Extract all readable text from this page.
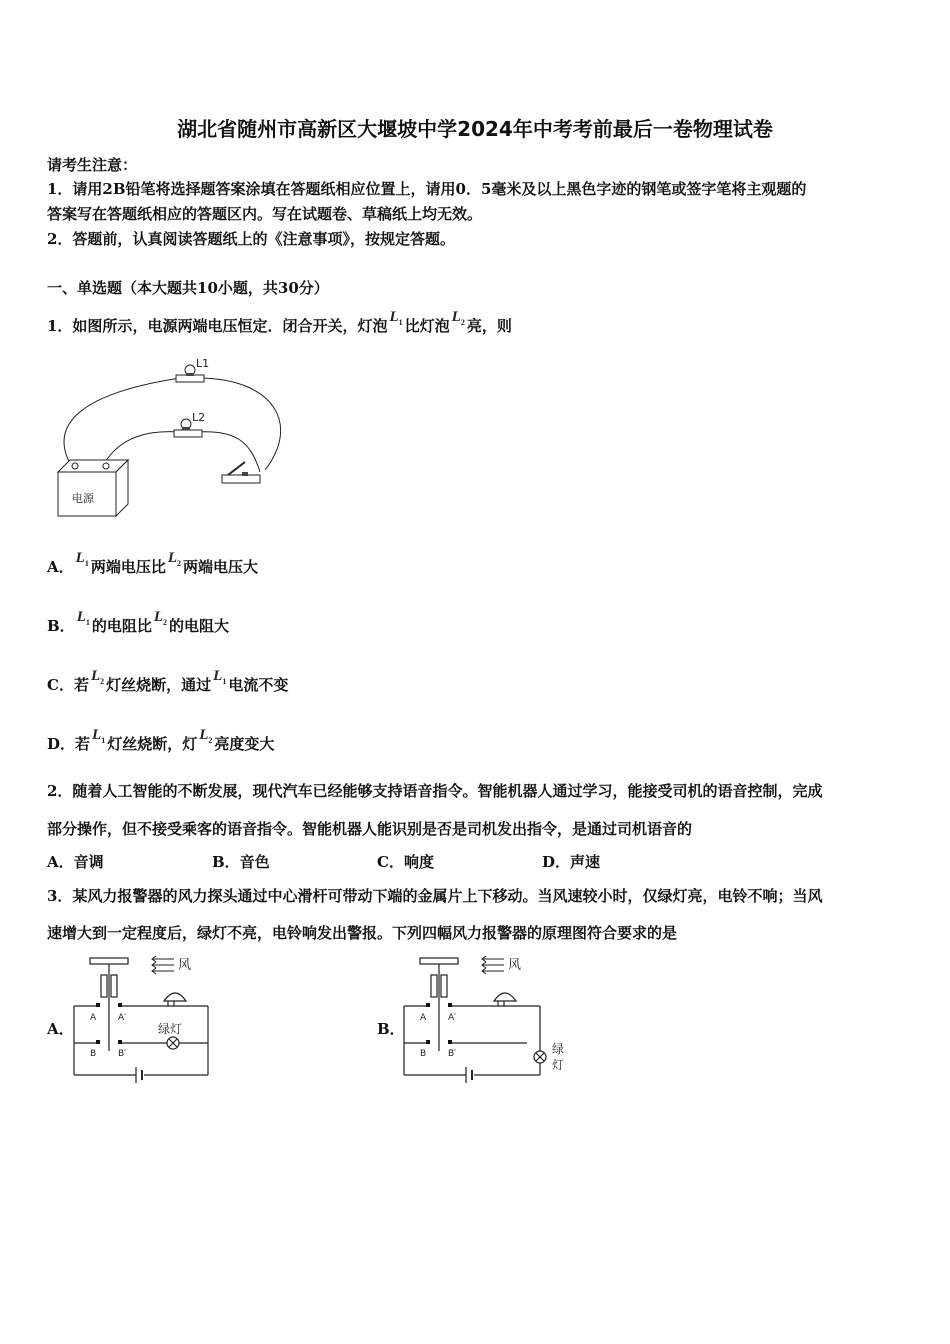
湖北省随州市高新区大堰坡中学2024年中考考前最后一卷物理试卷
请考生注意：
1．请用2B铅笔将选择题答案涂填在答题纸相应位置上，请用0．5毫米及以上黑色字迹的钢笔或签字笔将主观题的
答案写在答题纸相应的答题区内。写在试题卷、草稿纸上均无效。
2．答题前，认真阅读答题纸上的《注意事项》，按规定答题。
一、单选题（本大题共10小题，共30分）
1．如图所示，电源两端电压恒定．闭合开关，灯泡 $L_1$ 比灯泡 $L_2$ 亮，则
L1
L2
电源
A． $L_1$ 两端电压比 $L_2$ 两端电压大
B． $L_1$ 的电阻比 $L_2$ 的电阻大
C．若 $L_2$ 灯丝烧断，通过 $L_1$ 电流不变
D．若 $L_1$ 灯丝烧断，灯 $L_2$ 亮度变大
2．随着人工智能的不断发展，现代汽车已经能够支持语音指令。智能机器人通过学习，能接受司机的语音控制，完成
部分操作，但不接受乘客的语音指令。智能机器人能识别是否是司机发出指令，是通过司机语音的
A．音调	B．音色	C．响度	D．声速
3．某风力报警器的风力探头通过中心滑杆可带动下端的金属片上下移动。当风速较小时，仅绿灯亮，电铃不响；当风
速增大到一定程度后，绿灯不亮，电铃响发出警报。下列四幅风力报警器的原理图符合要求的是
A．
风
A A′
B B′
绿灯	B．
风
A A′
B B′	绿
灯
